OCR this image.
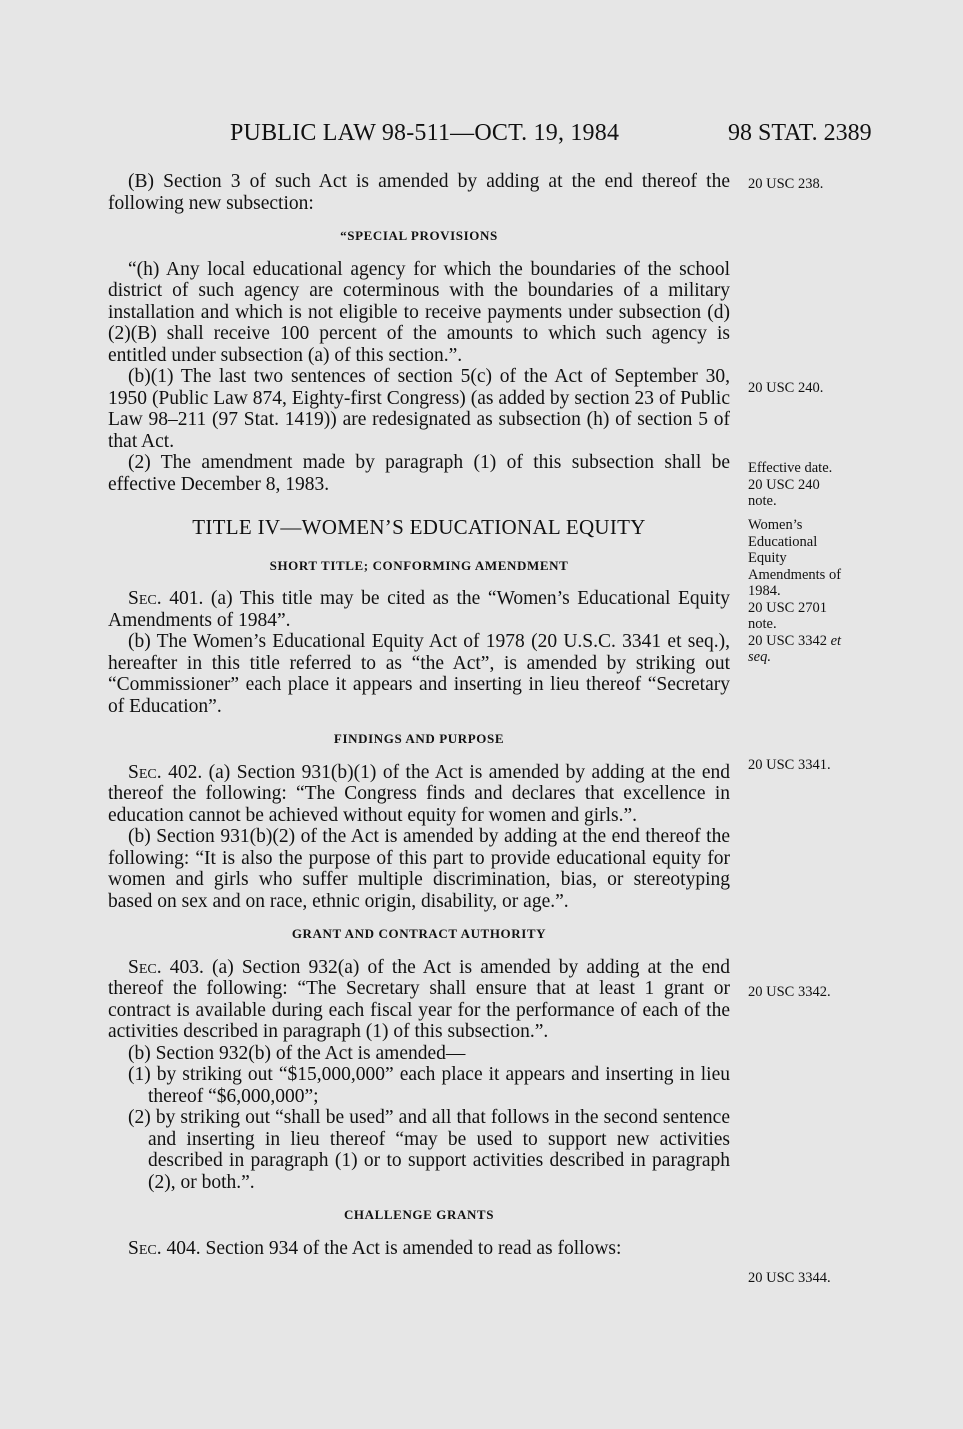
PUBLIC LAW 98-511—OCT. 19, 1984	98 STAT. 2389

(B) Section 3 of such Act is amended by adding at the end thereof the following new subsection:

“SPECIAL PROVISIONS

“(h) Any local educational agency for which the boundaries of the school district of such agency are coterminous with the boundaries of a military installation and which is not eligible to receive payments under subsection (d)(2)(B) shall receive 100 percent of the amounts to which such agency is entitled under subsection (a) of this section.”.

(b)(1) The last two sentences of section 5(c) of the Act of September 30, 1950 (Public Law 874, Eighty-first Congress) (as added by section 23 of Public Law 98–211 (97 Stat. 1419)) are redesignated as subsection (h) of section 5 of that Act.

(2) The amendment made by paragraph (1) of this subsection shall be effective December 8, 1983.

TITLE IV—WOMEN’S EDUCATIONAL EQUITY

SHORT TITLE; CONFORMING AMENDMENT

Sec. 401. (a) This title may be cited as the “Women’s Educational Equity Amendments of 1984”.

(b) The Women’s Educational Equity Act of 1978 (20 U.S.C. 3341 et seq.), hereafter in this title referred to as “the Act”, is amended by striking out “Commissioner” each place it appears and inserting in lieu thereof “Secretary of Education”.

FINDINGS AND PURPOSE

Sec. 402. (a) Section 931(b)(1) of the Act is amended by adding at the end thereof the following: “The Congress finds and declares that excellence in education cannot be achieved without equity for women and girls.”.

(b) Section 931(b)(2) of the Act is amended by adding at the end thereof the following: “It is also the purpose of this part to provide educational equity for women and girls who suffer multiple discrimination, bias, or stereotyping based on sex and on race, ethnic origin, disability, or age.”.

GRANT AND CONTRACT AUTHORITY

Sec. 403. (a) Section 932(a) of the Act is amended by adding at the end thereof the following: “The Secretary shall ensure that at least 1 grant or contract is available during each fiscal year for the performance of each of the activities described in paragraph (1) of this subsection.”.

(b) Section 932(b) of the Act is amended—

(1) by striking out “$15,000,000” each place it appears and inserting in lieu thereof “$6,000,000”;

(2) by striking out “shall be used” and all that follows in the second sentence and inserting in lieu thereof “may be used to support new activities described in paragraph (1) or to support activities described in paragraph (2), or both.”.

CHALLENGE GRANTS

Sec. 404. Section 934 of the Act is amended to read as follows:

20 USC 238.
20 USC 240.
Effective date.
20 USC 240
note.
Women’s
Educational
Equity
Amendments of
1984.
20 USC 2701
note.
20 USC 3342 et
seq.
20 USC 3341.
20 USC 3342.
20 USC 3344.
